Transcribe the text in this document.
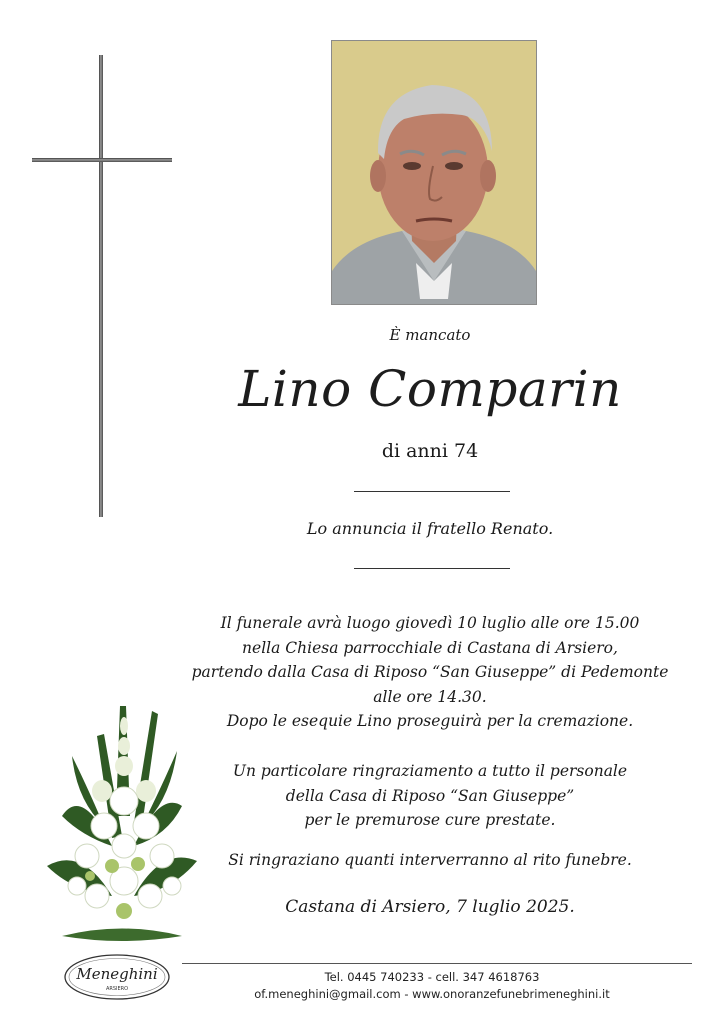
È mancato
Lino Comparin
di anni 74
Lo annuncia il fratello Renato.
Il funerale avrà luogo giovedì 10 luglio alle ore 15.00
nella Chiesa parrocchiale di Castana di Arsiero,
partendo dalla Casa di Riposo “San Giuseppe” di Pedemonte
alle ore 14.30.
Dopo le esequie Lino proseguirà per la cremazione.
Un particolare ringraziamento a tutto il personale
della Casa di Riposo “San Giuseppe”
per le premurose cure prestate.
Si ringraziano quanti interverranno al rito funebre.
Castana di Arsiero, 7 luglio 2025.
Meneghini
ARSIERO
Tel. 0445 740233 - cell. 347 4618763
of.meneghini@gmail.com - www.onoranzefunebrimeneghini.it
